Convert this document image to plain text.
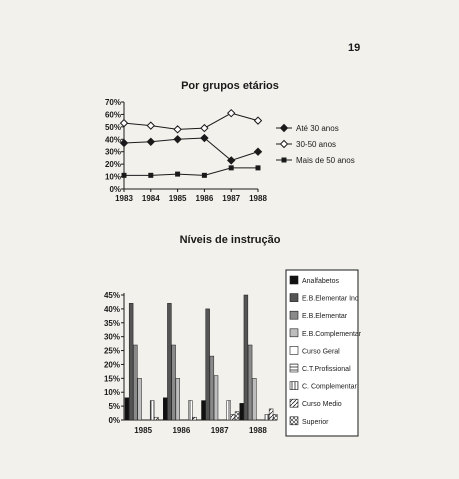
19
Por grupos etários
Níveis de instrução
0%
10%
20%
30%
40%
50%
60%
70%
1983 1984 1985 1986 1987 1988
Até 30 anos
30-50 anos
Mais de 50 anos
0%
5%
10%
15%
20%
25%
30%
35%
40%
45%
1985	1986	1987	1988
Analfabetos
E.B.Elementar Inc
E.B.Elementar
E.B.Complementar
Curso Geral
C.T.Profissional
C. Complementar
Curso Medio
Superior
